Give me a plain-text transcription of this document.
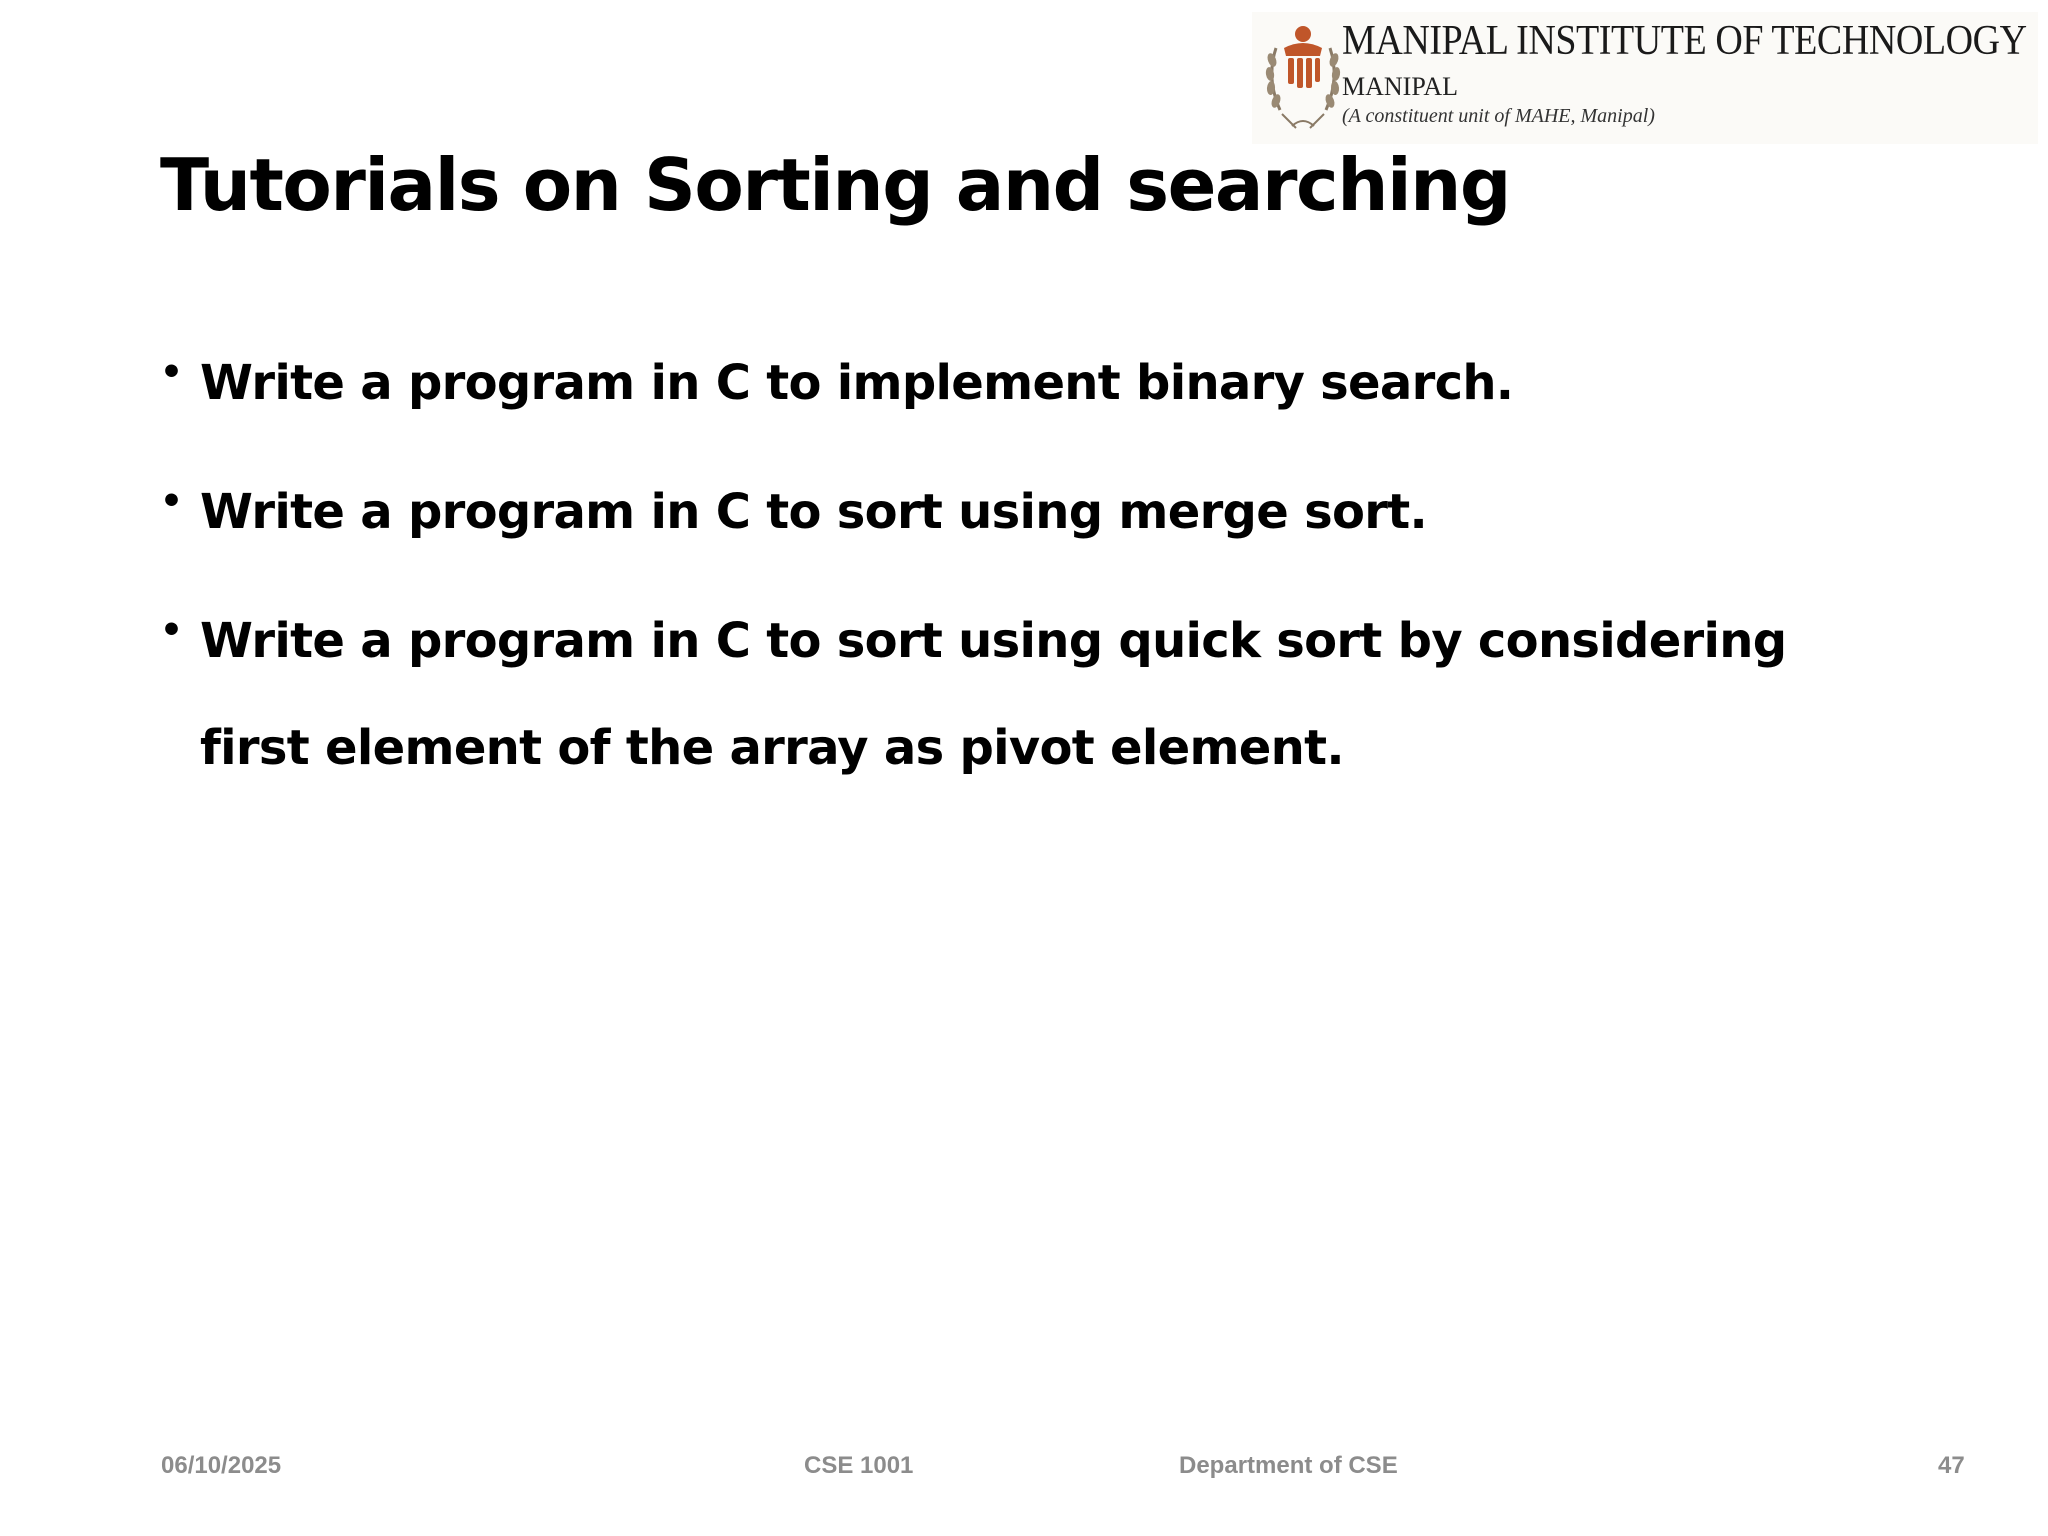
MANIPAL INSTITUTE OF TECHNOLOGY
MANIPAL
(A constituent unit of MAHE, Manipal)
Tutorials on Sorting and searching
• Write a program in C to implement binary search.
• Write a program in C to sort using merge sort.
• Write a program in C to sort using quick sort by considering first element of the array as pivot element.
06/10/2025	CSE 1001	Department of CSE	47
